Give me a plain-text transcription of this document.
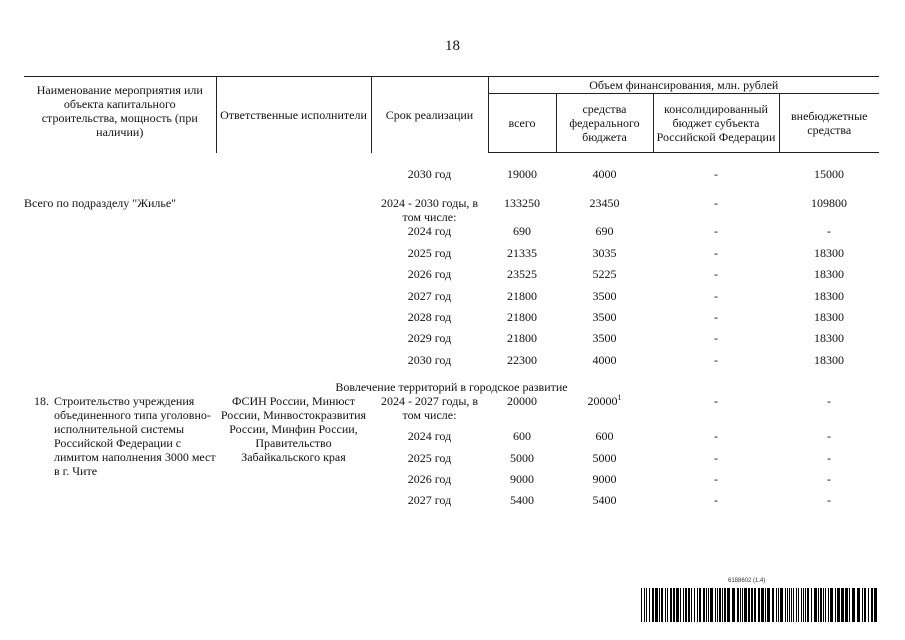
18
Наименование мероприятия или объекта капитального строительства, мощность (при наличии)	Ответственные исполнители	Срок реализации	Объем финансирования, млн. рублей			
			всего	средства федерального бюджета	консолидированный бюджет субъекта Российской Федерации	внебюджетные средства
		2030 год	19000	4000	-	15000
Всего по подразделу "Жилье"		2024 - 2030 годы, в том числе:	133250	23450	-	109800
		2024 год	690	690	-	-
		2025 год	21335	3035	-	18300
		2026 год	23525	5225	-	18300
		2027 год	21800	3500	-	18300
		2028 год	21800	3500	-	18300
		2029 год	21800	3500	-	18300
		2030 год	22300	4000	-	18300
Вовлечение территорий в городское развитие						

18. Строительство учреждения объединенного типа уголовно-исполнительной системы Российской Федерации с лимитом наполнения 3000 мест в г. Чите	ФСИН России, Минюст России, Минвостокразвития России, Минфин России, Правительство Забайкальского края	2024 - 2027 годы, в том числе:	20000	20000$^1$	-	-
		2024 год	600	600	-	-
		2025 год	5000	5000	-	-
		2026 год	9000	9000	-	-
		2027 год	5400	5400	-	-
6188602 (1.4)
